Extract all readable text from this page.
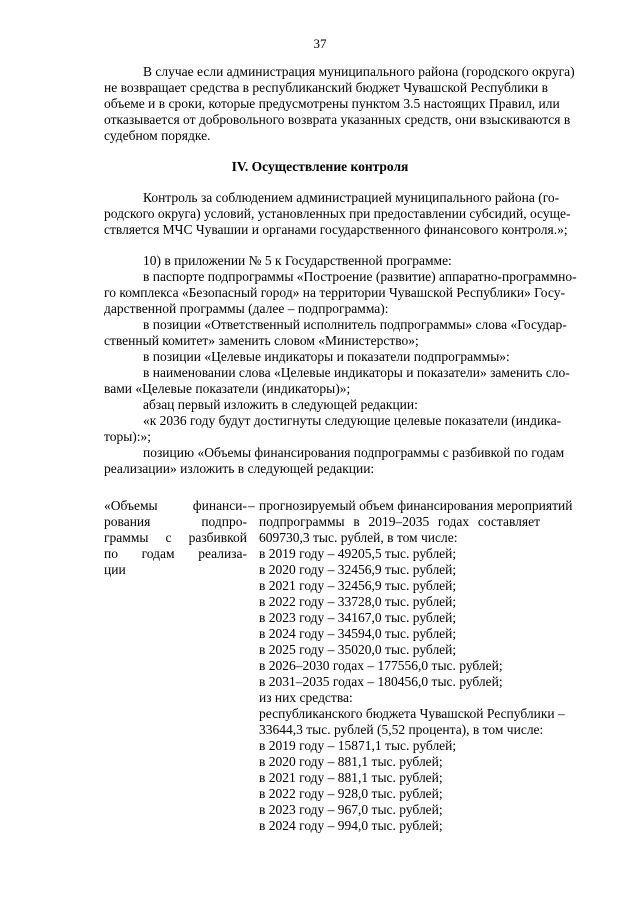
37
В случае если администрация муниципального района (городского округа)
не возвращает средства в республиканский бюджет Чувашской Республики в
объеме и в сроки, которые предусмотрены пунктом 3.5 настоящих Правил, или
отказывается от добровольного возврата указанных средств, они взыскиваются в
судебном порядке.
IV. Осуществление контроля
Контроль за соблюдением администрацией муниципального района (го-
родского округа) условий, установленных при предоставлении субсидий, осуще-
ствляется МЧС Чувашии и органами государственного финансового контроля.»;
10) в приложении № 5 к Государственной программе:
в паспорте подпрограммы «Построение (развитие) аппаратно-программно-
го комплекса «Безопасный город» на территории Чувашской Республики» Госу-
дарственной программы (далее – подпрограмма):
в позиции «Ответственный исполнитель подпрограммы» слова «Государ-
ственный комитет» заменить словом «Министерство»;
в позиции «Целевые индикаторы и показатели подпрограммы»:
в наименовании слова «Целевые индикаторы и показатели» заменить сло-
вами «Целевые показатели (индикаторы)»;
абзац первый изложить в следующей редакции:
«к 2036 году будут достигнуты следующие целевые показатели (индика-
торы):»;
позицию «Объемы финансирования подпрограммы с разбивкой по годам
реализации» изложить в следующей редакции:
«Объемы финанси-
рования подпро-
граммы с разбивкой
по годам реализа-
ции
– прогнозируемый объем финансирования мероприятий
подпрограммы в 2019–2035 годах составляет
609730,3 тыс. рублей, в том числе:
в 2019 году – 49205,5 тыс. рублей;
в 2020 году – 32456,9 тыс. рублей;
в 2021 году – 32456,9 тыс. рублей;
в 2022 году – 33728,0 тыс. рублей;
в 2023 году – 34167,0 тыс. рублей;
в 2024 году – 34594,0 тыс. рублей;
в 2025 году – 35020,0 тыс. рублей;
в 2026–2030 годах – 177556,0 тыс. рублей;
в 2031–2035 годах – 180456,0 тыс. рублей;
из них средства:
республиканского бюджета Чувашской Республики –
33644,3 тыс. рублей (5,52 процента), в том числе:
в 2019 году – 15871,1 тыс. рублей;
в 2020 году – 881,1 тыс. рублей;
в 2021 году – 881,1 тыс. рублей;
в 2022 году – 928,0 тыс. рублей;
в 2023 году – 967,0 тыс. рублей;
в 2024 году – 994,0 тыс. рублей;
